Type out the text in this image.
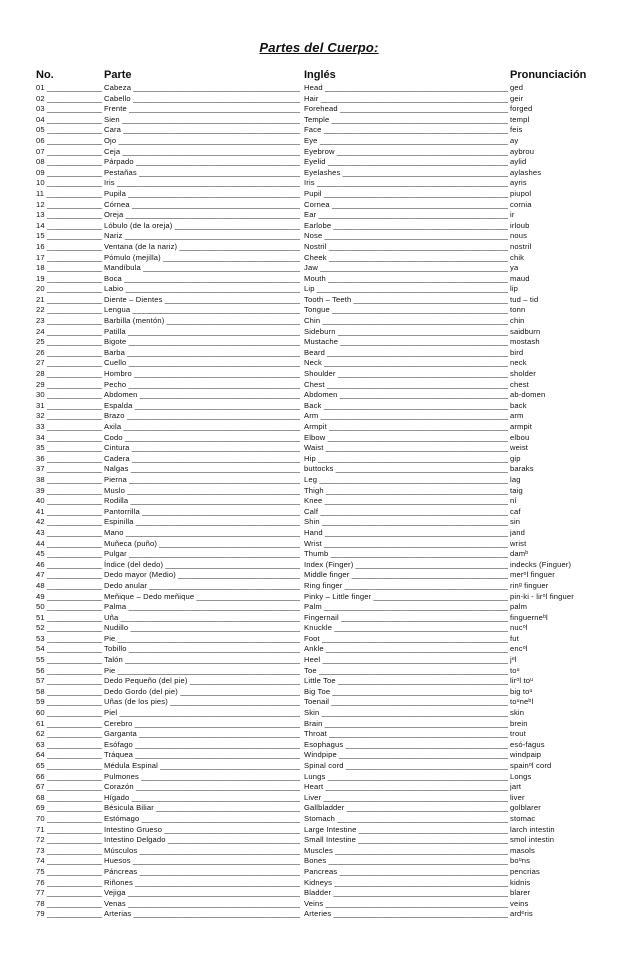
Partes del Cuerpo:
No.	Parte	Inglés	Pronunciación
01 _____	Cabeza _____	Head _____	ged
02 _____	Cabello _____	Hair _____	geir
03 _____	Frente _____	Forehead _____	forged
04 _____	Sien _____	Temple _____	templ
05 _____	Cara _____	Face _____	feis
06 _____	Ojo _____	Eye _____	ay
07 _____	Ceja _____	Eyebrow _____	aybrou
08 _____	Párpado _____	Eyelid _____	aylid
09 _____	Pestañas _____	Eyelashes _____	aylashes
10 _____	Iris _____	Iris _____	ayris
11 _____	Pupila _____	Pupil _____	piupol
12 _____	Córnea _____	Cornea _____	cornia
13 _____	Oreja _____	Ear _____	ir
14 _____	Lóbulo (de la oreja) _____	Earlobe _____	irloub
15 _____	Nariz _____	Nose _____	nous
16 _____	Ventana (de la nariz) _____	Nostril _____	nostril
17 _____	Pómulo (mejilla) _____	Cheek _____	chik
18 _____	Mandíbula _____	Jaw _____	ya
19 _____	Boca _____	Mouth _____	maud
20 _____	Labio _____	Lip _____	lip
21 _____	Diente – Dientes _____	Tooth – Teeth _____	tud – tid
22 _____	Lengua _____	Tongue _____	tonn
23 _____	Barbilla (mentón) _____	Chin _____	chin
24 _____	Patilla _____	Sideburn _____	saidburn
25 _____	Bigote _____	Mustache _____	mostash
26 _____	Barba _____	Beard _____	bird
27 _____	Cuello _____	Neck _____	neck
28 _____	Hombro _____	Shoulder _____	sholder
29 _____	Pecho _____	Chest _____	chest
30 _____	Abdomen _____	Abdomen _____	ab-domen
31 _____	Espalda _____	Back _____	back
32 _____	Brazo _____	Arm _____	arm
33 _____	Axila _____	Armpit _____	armpit
34 _____	Codo _____	Elbow _____	elbou
35 _____	Cintura _____	Waist _____	weist
36 _____	Cadera _____	Hip _____	gip
37 _____	Nalgas _____	buttocks _____	baraks
38 _____	Pierna _____	Leg _____	lag
39 _____	Muslo _____	Thigh _____	taig
40 _____	Rodilla _____	Knee _____	ní
41 _____	Pantorrilla _____	Calf _____	caf
42 _____	Espinilla _____	Shin _____	sin
43 _____	Mano _____	Hand _____	jand
44 _____	Muñeca (puño) _____	Wrist _____	wrist
45 _____	Pulgar _____	Thumb _____	damᵇ
46 _____	Índice (del dedo) _____	Index (Finger) _____	indecks (Finguer)
47 _____	Dedo mayor (Medio) _____	Middle finger _____	merᵒl finguer
48 _____	Dedo anular _____	Ring finger _____	rinᵍ finguer
49 _____	Meñique – Dedo meñique _____	Pinky – Little finger _____	pin-ki - lirᵒl finguer
50 _____	Palma _____	Palm _____	palm
51 _____	Uña _____	Fingernail _____	finguerneᵇl
52 _____	Nudillo _____	Knuckle _____	nucᵒl
53 _____	Pie _____	Foot _____	fut
54 _____	Tobillo _____	Ankle _____	encᵒl
55 _____	Talón _____	Heel _____	jᵉl
56 _____	Pie _____	Toe _____	toᵘ
57 _____	Dedo Pequeño (del pie) _____	Little Toe _____	lirᵒl toᵘ
58 _____	Dedo Gordo (del pie) _____	Big Toe _____	big toᵘ
59 _____	Uñas (de los pies) _____	Toenail _____	toᵘneᵇl
60 _____	Piel _____	Skin _____	skin
61 _____	Cerebro _____	Brain _____	brein
62 _____	Garganta _____	Throat _____	trout
63 _____	Esófago _____	Esophagus _____	esó-fagus
64 _____	Tráquea _____	Windpipe _____	windpaip
65 _____	Médula Espinal _____	Spinal cord _____	spainᵒl cord
66 _____	Pulmones _____	Lungs _____	Longs
67 _____	Corazón _____	Heart _____	jart
68 _____	Hígado _____	Liver _____	liver
69 _____	Bésicula Biliar _____	Gallbladder _____	golblarer
70 _____	Estómago _____	Stomach _____	stomac
71 _____	Intestino Grueso _____	Large Intestine _____	larch intestin
72 _____	Intestino Delgado _____	Small Intestine _____	smol intestin
73 _____	Músculos _____	Muscles _____	masols
74 _____	Huesos _____	Bones _____	boᵘns
75 _____	Páncreas _____	Pancreas _____	pencrias
76 _____	Riñones _____	Kidneys _____	kidnis
77 _____	Vejiga _____	Bladder _____	blarer
78 _____	Venas _____	Veins _____	veins
79 _____	Arterias _____	Arteries _____	ardᵉris
